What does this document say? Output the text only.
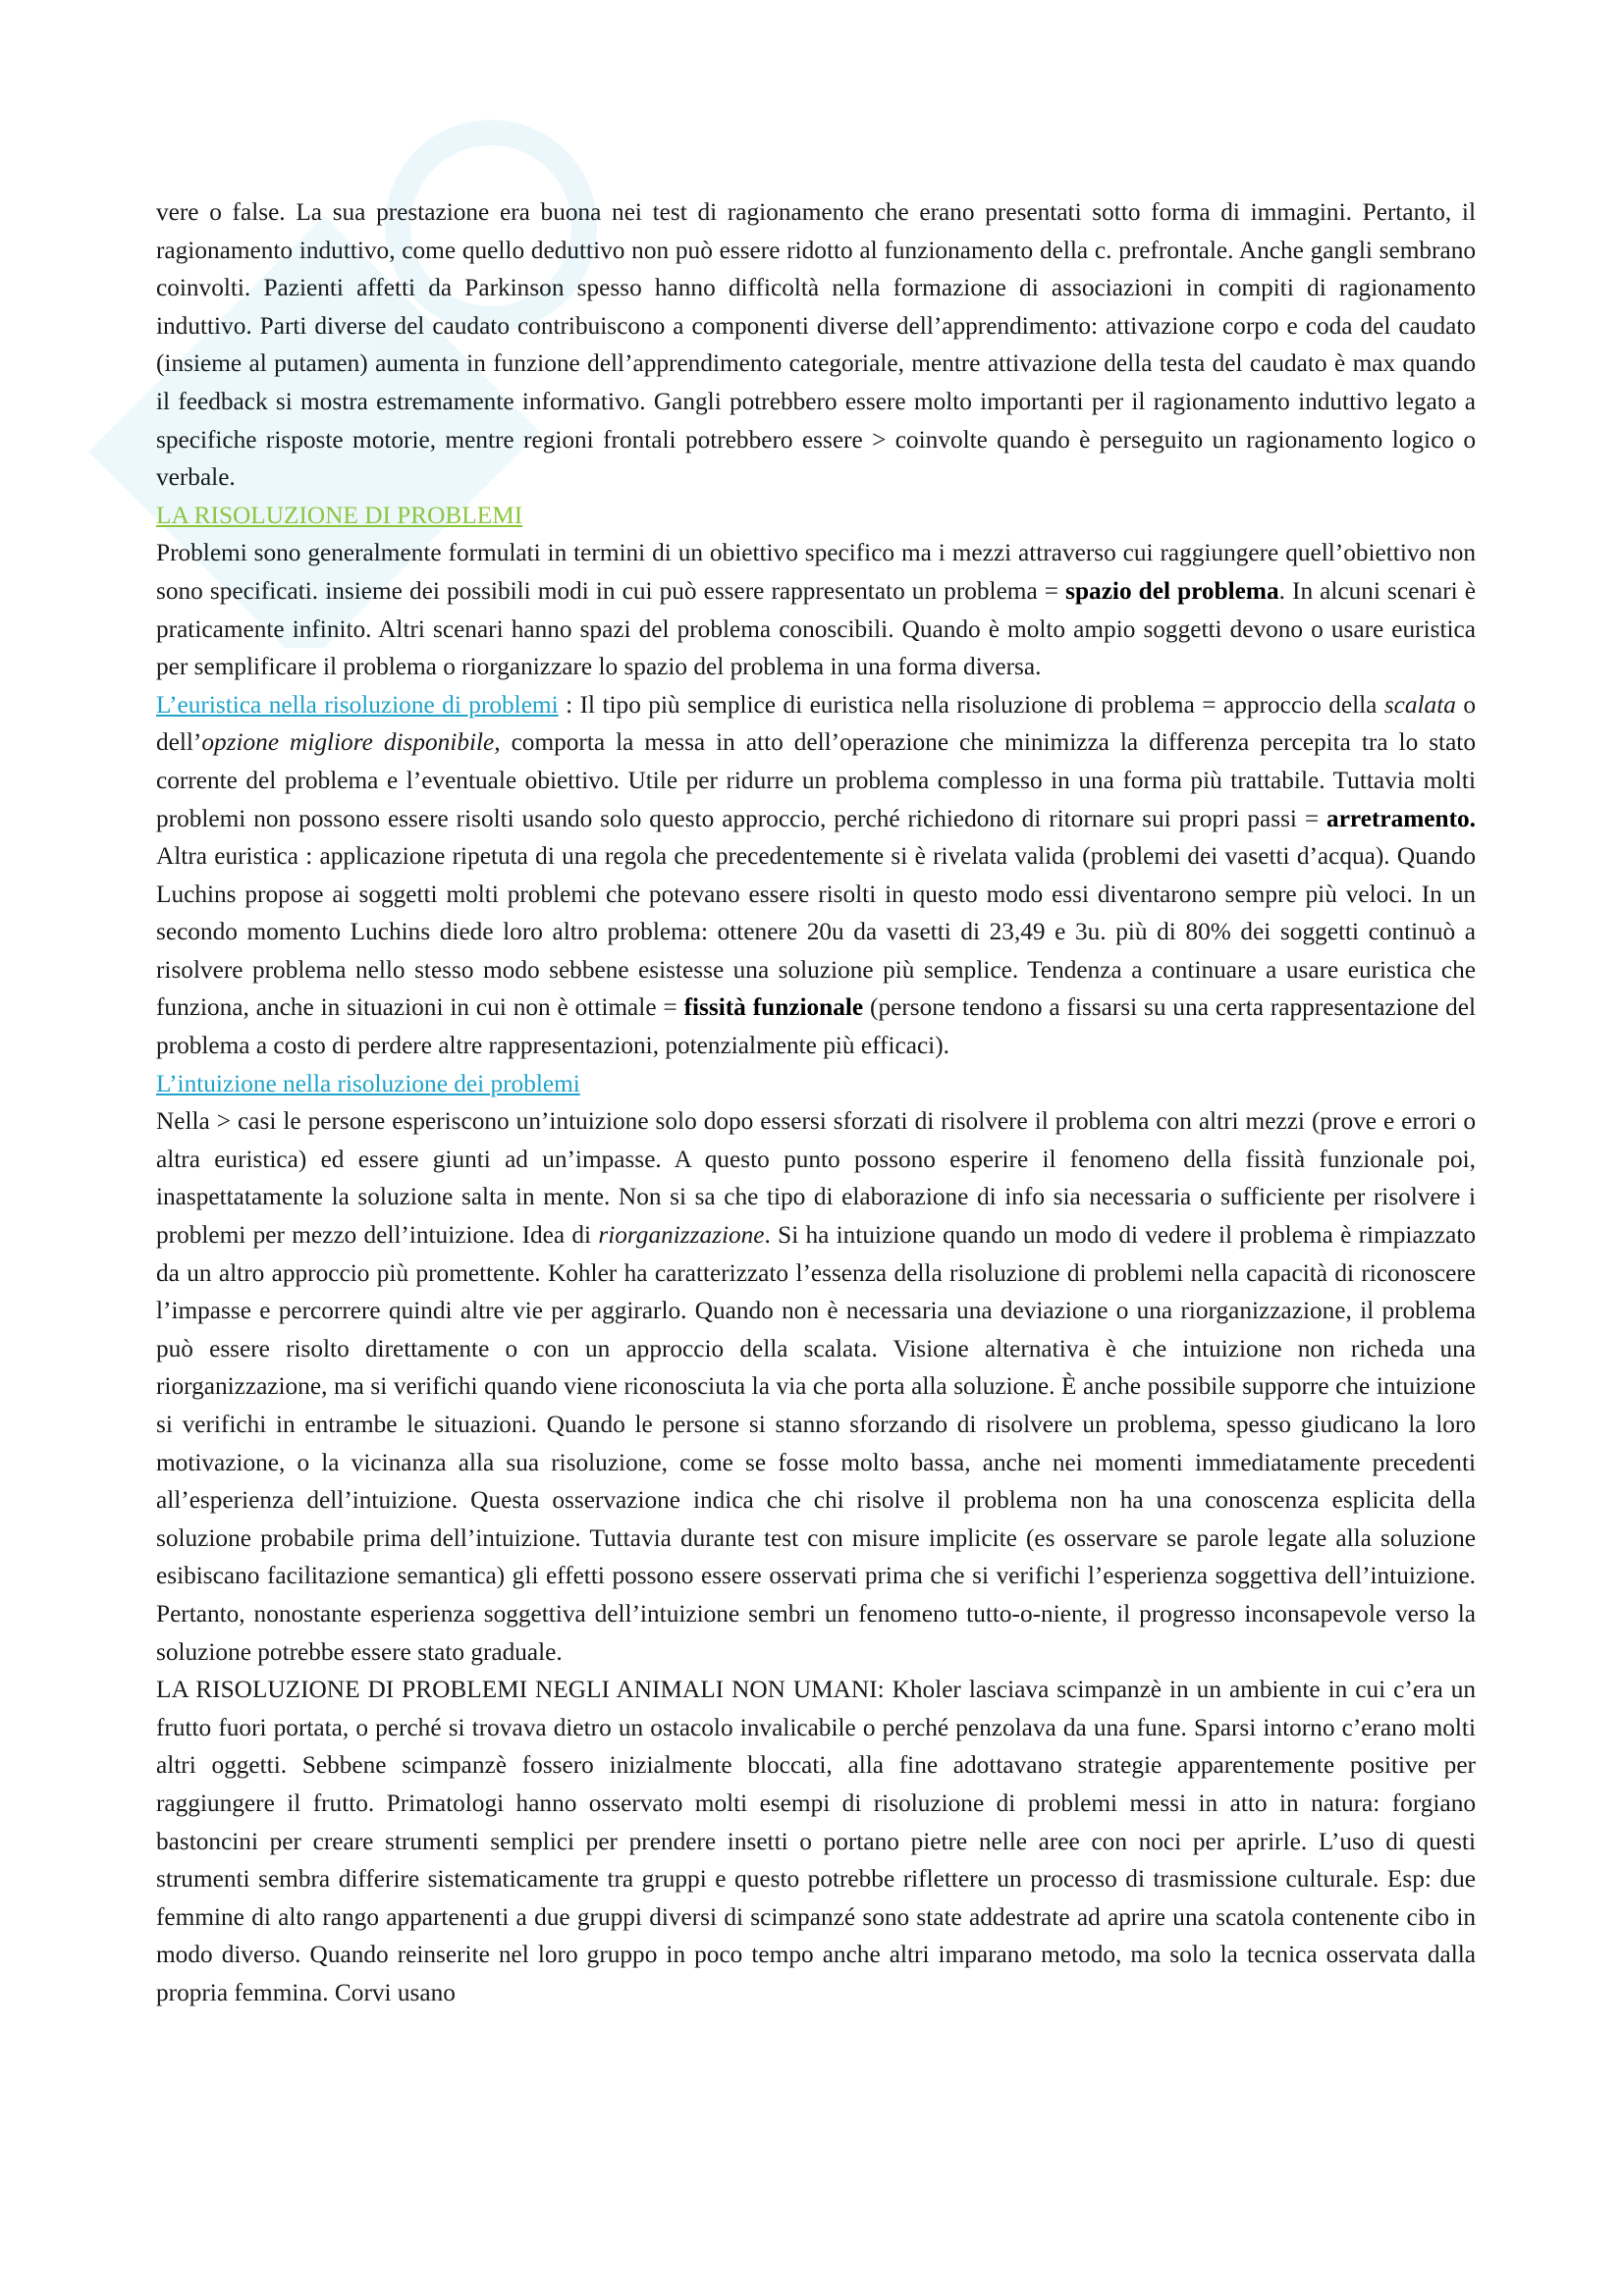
vere o false. La sua prestazione era buona nei test di ragionamento che erano presentati sotto forma di immagini. Pertanto, il ragionamento induttivo, come quello deduttivo non può essere ridotto al funzionamento della c. prefrontale. Anche gangli sembrano coinvolti. Pazienti affetti da Parkinson spesso hanno difficoltà nella formazione di associazioni in compiti di ragionamento induttivo. Parti diverse del caudato contribuiscono a componenti diverse dell’apprendimento: attivazione corpo e coda del caudato (insieme al putamen) aumenta in funzione dell’apprendimento categoriale, mentre attivazione della testa del caudato è max quando il feedback si mostra estremamente informativo. Gangli potrebbero essere molto importanti per il ragionamento induttivo legato a specifiche risposte motorie, mentre regioni frontali potrebbero essere > coinvolte quando è perseguito un ragionamento logico o verbale.

LA RISOLUZIONE DI PROBLEMI

Problemi sono generalmente formulati in termini di un obiettivo specifico ma i mezzi attraverso cui raggiungere quell’obiettivo non sono specificati. insieme dei possibili modi in cui può essere rappresentato un problema = spazio del problema. In alcuni scenari è praticamente infinito. Altri scenari hanno spazi del problema conoscibili. Quando è molto ampio soggetti devono o usare euristica per semplificare il problema o riorganizzare lo spazio del problema in una forma diversa.

L’euristica nella risoluzione di problemi : Il tipo più semplice di euristica nella risoluzione di problema = approccio della scalata o dell’opzione migliore disponibile, comporta la messa in atto dell’operazione che minimizza la differenza percepita tra lo stato corrente del problema e l’eventuale obiettivo. Utile per ridurre un problema complesso in una forma più trattabile. Tuttavia molti problemi non possono essere risolti usando solo questo approccio, perché richiedono di ritornare sui propri passi = arretramento. Altra euristica : applicazione ripetuta di una regola che precedentemente si è rivelata valida (problemi dei vasetti d’acqua). Quando Luchins propose ai soggetti molti problemi che potevano essere risolti in questo modo essi diventarono sempre più veloci. In un secondo momento Luchins diede loro altro problema: ottenere 20u da vasetti di 23,49 e 3u. più di 80% dei soggetti continuò a risolvere problema nello stesso modo sebbene esistesse una soluzione più semplice. Tendenza a continuare a usare euristica che funziona, anche in situazioni in cui non è ottimale = fissità funzionale (persone tendono a fissarsi su una certa rappresentazione del problema a costo di perdere altre rappresentazioni, potenzialmente più efficaci).

L’intuizione nella risoluzione dei problemi

Nella > casi le persone esperiscono un’intuizione solo dopo essersi sforzati di risolvere il problema con altri mezzi (prove e errori o altra euristica) ed essere giunti ad un’impasse. A questo punto possono esperire il fenomeno della fissità funzionale poi, inaspettatamente la soluzione salta in mente. Non si sa che tipo di elaborazione di info sia necessaria o sufficiente per risolvere i problemi per mezzo dell’intuizione. Idea di riorganizzazione. Si ha intuizione quando un modo di vedere il problema è rimpiazzato da un altro approccio più promettente. Kohler ha caratterizzato l’essenza della risoluzione di problemi nella capacità di riconoscere l’impasse e percorrere quindi altre vie per aggirarlo. Quando non è necessaria una deviazione o una riorganizzazione, il problema può essere risolto direttamente o con un approccio della scalata. Visione alternativa è che intuizione non richeda una riorganizzazione, ma si verifichi quando viene riconosciuta la via che porta alla soluzione. È anche possibile supporre che intuizione si verifichi in entrambe le situazioni. Quando le persone si stanno sforzando di risolvere un problema, spesso giudicano la loro motivazione, o la vicinanza alla sua risoluzione, come se fosse molto bassa, anche nei momenti immediatamente precedenti all’esperienza dell’intuizione. Questa osservazione indica che chi risolve il problema non ha una conoscenza esplicita della soluzione probabile prima dell’intuizione. Tuttavia durante test con misure implicite (es osservare se parole legate alla soluzione esibiscano facilitazione semantica) gli effetti possono essere osservati prima che si verifichi l’esperienza soggettiva dell’intuizione. Pertanto, nonostante esperienza soggettiva dell’intuizione sembri un fenomeno tutto-o-niente, il progresso inconsapevole verso la soluzione potrebbe essere stato graduale.

LA RISOLUZIONE DI PROBLEMI NEGLI ANIMALI NON UMANI: Kholer lasciava scimpanzè in un ambiente in cui c’era un frutto fuori portata, o perché si trovava dietro un ostacolo invalicabile o perché penzolava da una fune. Sparsi intorno c’erano molti altri oggetti. Sebbene scimpanzè fossero inizialmente bloccati, alla fine adottavano strategie apparentemente positive per raggiungere il frutto. Primatologi hanno osservato molti esempi di risoluzione di problemi messi in atto in natura: forgiano bastoncini per creare strumenti semplici per prendere insetti o portano pietre nelle aree con noci per aprirle. L’uso di questi strumenti sembra differire sistematicamente tra gruppi e questo potrebbe riflettere un processo di trasmissione culturale. Esp: due femmine di alto rango appartenenti a due gruppi diversi di scimpanzé sono state addestrate ad aprire una scatola contenente cibo in modo diverso. Quando reinserite nel loro gruppo in poco tempo anche altri imparano metodo, ma solo la tecnica osservata dalla propria femmina. Corvi usano
